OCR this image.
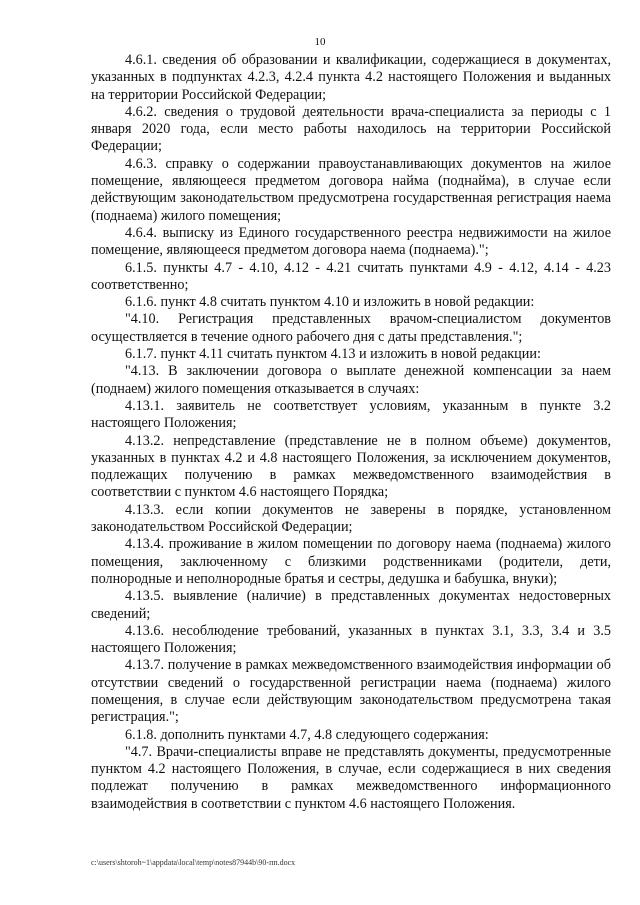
10

4.6.1. сведения об образовании и квалификации, содержащиеся в документах, указанных в подпунктах 4.2.3, 4.2.4 пункта 4.2 настоящего Положения и выданных на территории Российской Федерации;

4.6.2. сведения о трудовой деятельности врача-специалиста за периоды с 1 января 2020 года, если место работы находилось на территории Российской Федерации;

4.6.3. справку о содержании правоустанавливающих документов на жилое помещение, являющееся предметом договора найма (поднайма), в случае если действующим законодательством предусмотрена государственная регистрация наема (поднаема) жилого помещения;

4.6.4. выписку из Единого государственного реестра недвижимости на жилое помещение, являющееся предметом договора наема (поднаема).";

6.1.5. пункты 4.7 - 4.10, 4.12 - 4.21 считать пунктами 4.9 - 4.12, 4.14 - 4.23 соответственно;

6.1.6. пункт 4.8 считать пунктом 4.10 и изложить в новой редакции:

"4.10. Регистрация представленных врачом-специалистом документов осуществляется в течение одного рабочего дня с даты представления.";

6.1.7. пункт 4.11 считать пунктом 4.13 и изложить в новой редакции:

"4.13. В заключении договора о выплате денежной компенсации за наем (поднаем) жилого помещения отказывается в случаях:

4.13.1. заявитель не соответствует условиям, указанным в пункте 3.2 настоящего Положения;

4.13.2. непредставление (представление не в полном объеме) документов, указанных в пунктах 4.2 и 4.8 настоящего Положения, за исключением документов, подлежащих получению в рамках межведомственного взаимодействия в соответствии с пунктом 4.6 настоящего Порядка;

4.13.3. если копии документов не заверены в порядке, установленном законодательством Российской Федерации;

4.13.4. проживание в жилом помещении по договору наема (поднаема) жилого помещения, заключенному с близкими родственниками (родители, дети, полнородные и неполнородные братья и сестры, дедушка и бабушка, внуки);

4.13.5. выявление (наличие) в представленных документах недостоверных сведений;

4.13.6. несоблюдение требований, указанных в пунктах 3.1, 3.3, 3.4 и 3.5 настоящего Положения;

4.13.7. получение в рамках межведомственного взаимодействия информации об отсутствии сведений о государственной регистрации наема (поднаема) жилого помещения, в случае если действующим законодательством предусмотрена такая регистрация.";

6.1.8. дополнить пунктами 4.7, 4.8 следующего содержания:

"4.7. Врачи-специалисты вправе не представлять документы, предусмотренные пунктом 4.2 настоящего Положения, в случае, если содержащиеся в них сведения подлежат получению в рамках межведомственного информационного взаимодействия в соответствии с пунктом 4.6 настоящего Положения.

c:\users\shtoroh~1\appdata\local\temp\notes87944b\90-пп.docx
